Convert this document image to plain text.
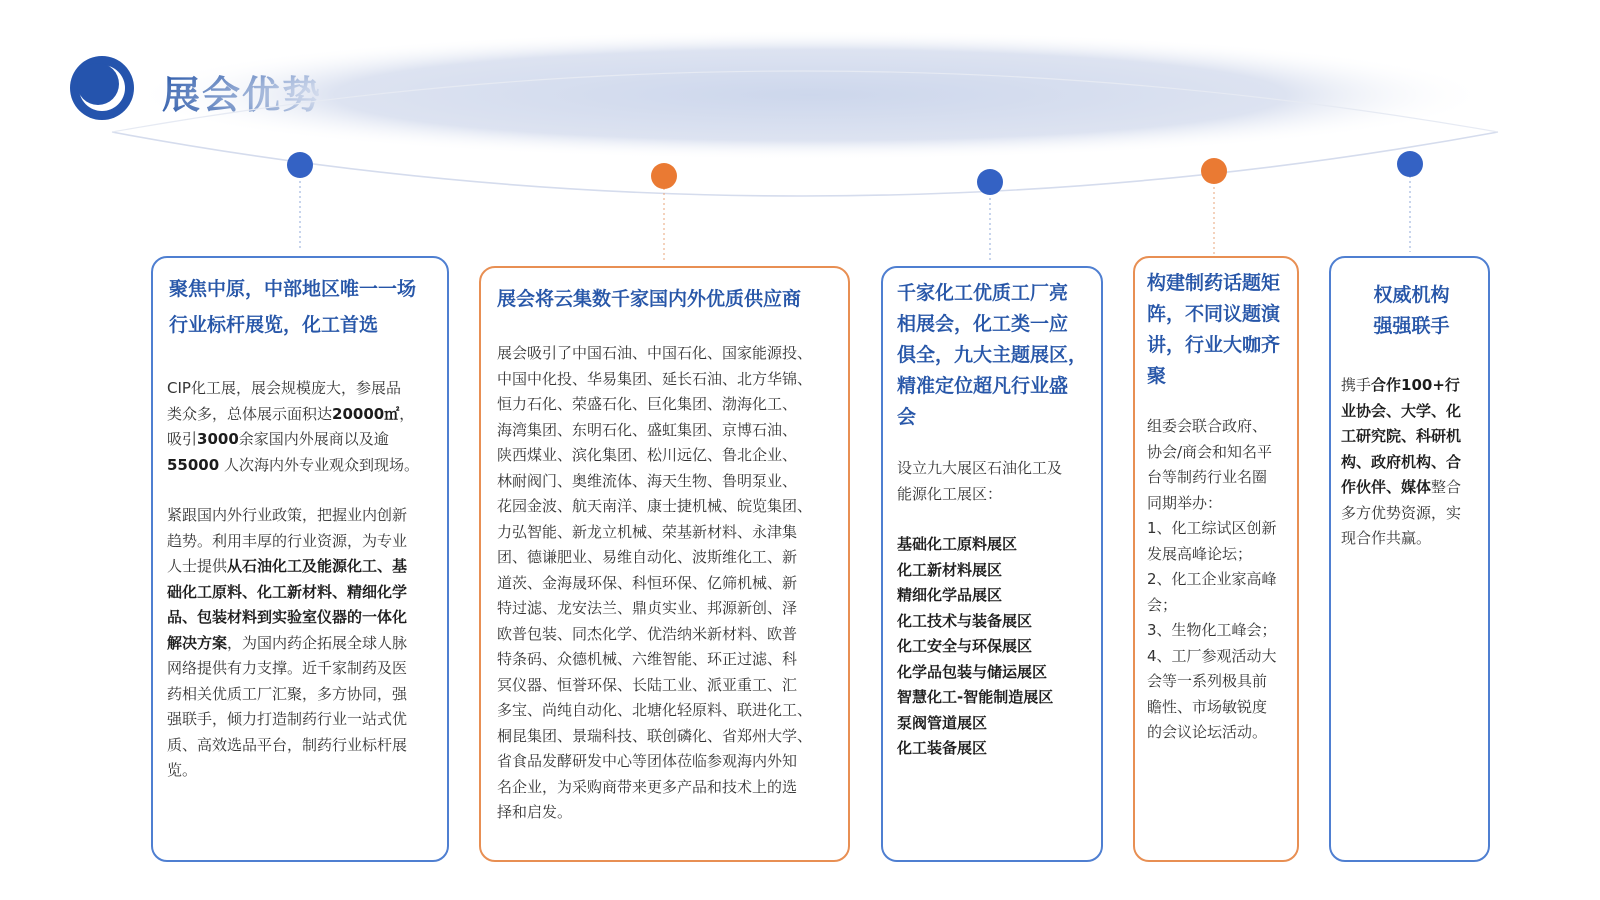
聚焦中原，中部地区唯一一场
行业标杆展览，化工首选
CIP化工展，展会规模庞大，参展品
类众多，总体展示面积达20000㎡，
吸引3000余家国内外展商以及逾
55000 人次海内外专业观众到现场。
紧跟国内外行业政策，把握业内创新
趋势。利用丰厚的行业资源，为专业
人士提供从石油化工及能源化工、基
础化工原料、化工新材料、精细化学
品、包装材料到实验室仪器的一体化
解决方案，为国内药企拓展全球人脉
网络提供有力支撑。近千家制药及医
药相关优质工厂汇聚，多方协同，强
强联手，倾力打造制药行业一站式优
质、高效选品平台，制药行业标杆展
览。
展会将云集数千家国内外优质供应商
展会吸引了中国石油、中国石化、国家能源投、
中国中化投、华易集团、延长石油、北方华锦、
恒力石化、荣盛石化、巨化集团、渤海化工、
海湾集团、东明石化、盛虹集团、京博石油、
陕西煤业、滨化集团、松川远亿、鲁北企业、
林耐阀门、奥维流体、海天生物、鲁明泵业、
花园金波、航天南洋、康士捷机械、皖览集团、
力弘智能、新龙立机械、荣基新材料、永津集
团、德谦肥业、易维自动化、波斯维化工、新
道茨、金海晟环保、科恒环保、亿筛机械、新
特过滤、龙安法兰、鼎贞实业、邦源新创、泽
欧普包装、同杰化学、优浩纳米新材料、欧普
特条码、众德机械、六维智能、环正过滤、科
冥仪器、恒誉环保、长陆工业、派亚重工、汇
多宝、尚纯自动化、北塘化轻原料、联进化工、
桐昆集团、景瑞科技、联创磷化、省郑州大学、
省食品发酵研发中心等团体莅临参观海内外知
名企业，为采购商带来更多产品和技术上的选
择和启发。
千家化工优质工厂亮
相展会，化工类一应
俱全，九大主题展区，
精准定位超凡行业盛
会
设立九大展区石油化工及
能源化工展区：
基础化工原料展区
化工新材料展区
精细化学品展区
化工技术与装备展区
化工安全与环保展区
化学品包装与储运展区
智慧化工-智能制造展区
泵阀管道展区
化工装备展区
构建制药话题矩
阵，不同议题演
讲，行业大咖齐
聚
组委会联合政府、
协会/商会和知名平
台等制药行业名圈
同期举办：
1、化工综试区创新
发展高峰论坛；
2、化工企业家高峰
会；
3、生物化工峰会；
4、工厂参观活动大
会等一系列极具前
瞻性、市场敏锐度
的会议论坛活动。
权威机构
强强联手
携手合作100+行
业协会、大学、化
工研究院、科研机
构、政府机构、合
作伙伴、媒体整合
多方优势资源，实
现合作共赢。
